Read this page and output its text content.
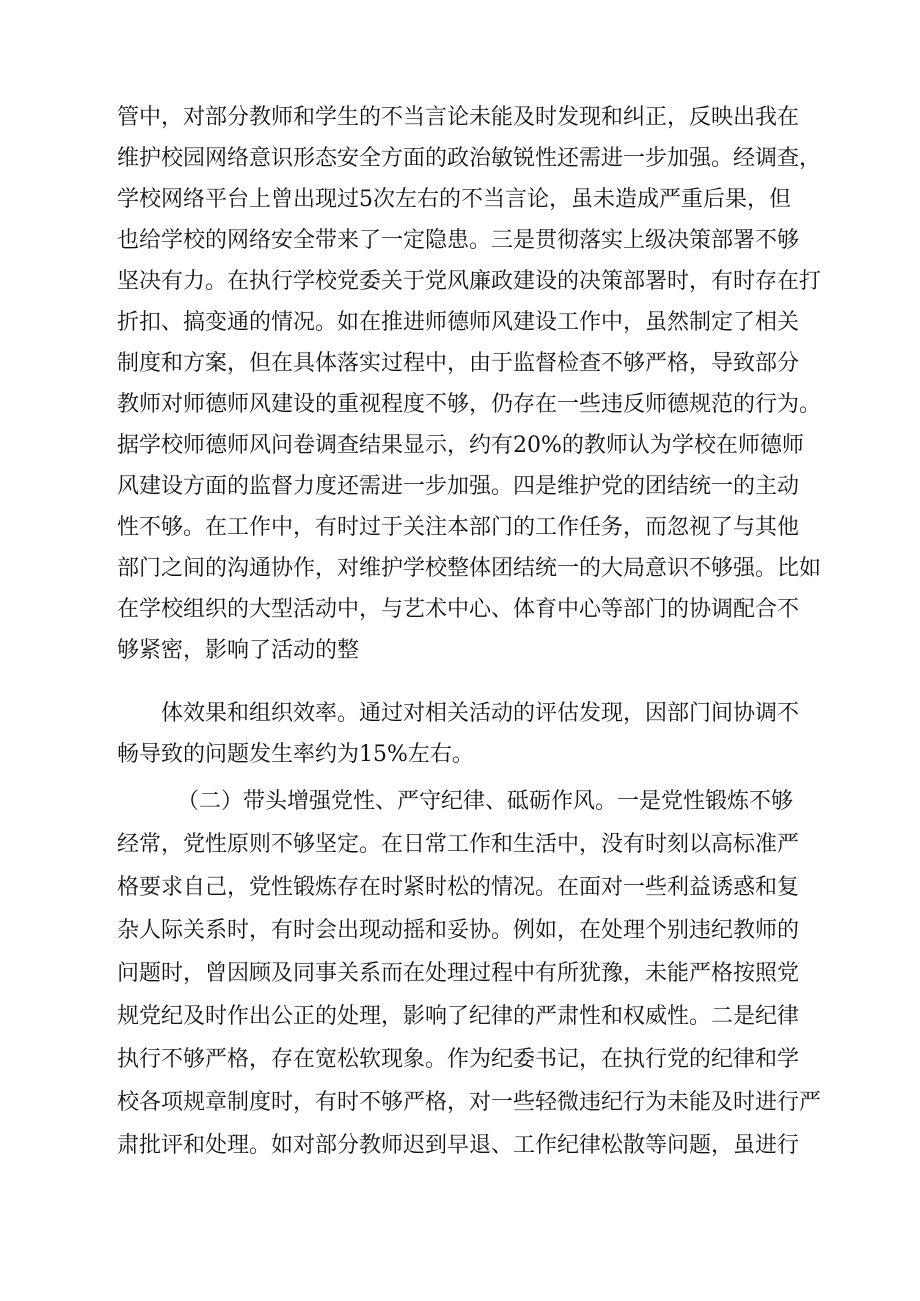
管中，对部分教师和学生的不当言论未能及时发现和纠正，反映出我在
维护校园网络意识形态安全方面的政治敏锐性还需进一步加强。经调查，
学校网络平台上曾出现过5次左右的不当言论，虽未造成严重后果，但
也给学校的网络安全带来了一定隐患。三是贯彻落实上级决策部署不够
坚决有力。在执行学校党委关于党风廉政建设的决策部署时，有时存在打
折扣、搞变通的情况。如在推进师德师风建设工作中，虽然制定了相关
制度和方案，但在具体落实过程中，由于监督检查不够严格，导致部分
教师对师德师风建设的重视程度不够，仍存在一些违反师德规范的行为。
据学校师德师风问卷调查结果显示，约有20%的教师认为学校在师德师
风建设方面的监督力度还需进一步加强。四是维护党的团结统一的主动
性不够。在工作中，有时过于关注本部门的工作任务，而忽视了与其他
部门之间的沟通协作，对维护学校整体团结统一的大局意识不够强。比如
在学校组织的大型活动中，与艺术中心、体育中心等部门的协调配合不
够紧密，影响了活动的整
体效果和组织效率。通过对相关活动的评估发现，因部门间协调不
畅导致的问题发生率约为15%左右。
（二）带头增强党性、严守纪律、砥砺作风。一是党性锻炼不够
经常，党性原则不够坚定。在日常工作和生活中，没有时刻以高标准严
格要求自己，党性锻炼存在时紧时松的情况。在面对一些利益诱惑和复
杂人际关系时，有时会出现动摇和妥协。例如，在处理个别违纪教师的
问题时，曾因顾及同事关系而在处理过程中有所犹豫，未能严格按照党
规党纪及时作出公正的处理，影响了纪律的严肃性和权威性。二是纪律
执行不够严格，存在宽松软现象。作为纪委书记，在执行党的纪律和学
校各项规章制度时，有时不够严格，对一些轻微违纪行为未能及时进行严
肃批评和处理。如对部分教师迟到早退、工作纪律松散等问题，虽进行
